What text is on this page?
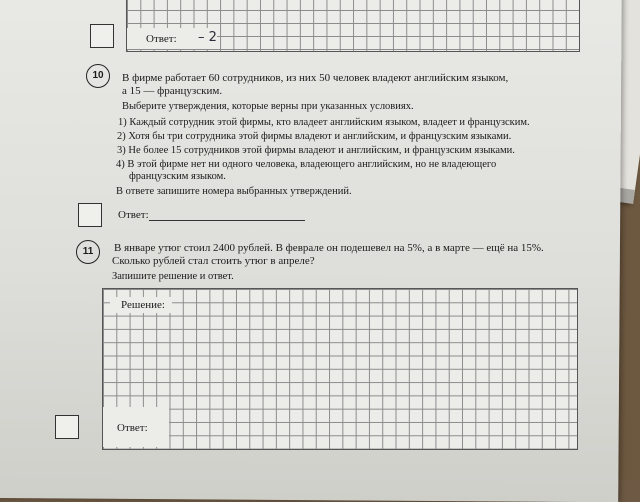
Ответ: – 2
10	В фирме работает 60 сотрудников, из них 50 человек владеют английским языком,
а 15 — французским.
Выберите утверждения, которые верны при указанных условиях.
1) Каждый сотрудник этой фирмы, кто владеет английским языком, владеет и французским.
2) Хотя бы три сотрудника этой фирмы владеют и английским, и французским языками.
3) Не более 15 сотрудников этой фирмы владеют и английским, и французским языками.
4) В этой фирме нет ни одного человека, владеющего английским, но не владеющего
французским языком.
В ответе запишите номера выбранных утверждений.
Ответ:
11	В январе утюг стоил 2400 рублей. В феврале он подешевел на 5%, а в марте — ещё на 15%.
Сколько рублей стал стоить утюг в апреле?
Запишите решение и ответ.
Решение:
Ответ:
